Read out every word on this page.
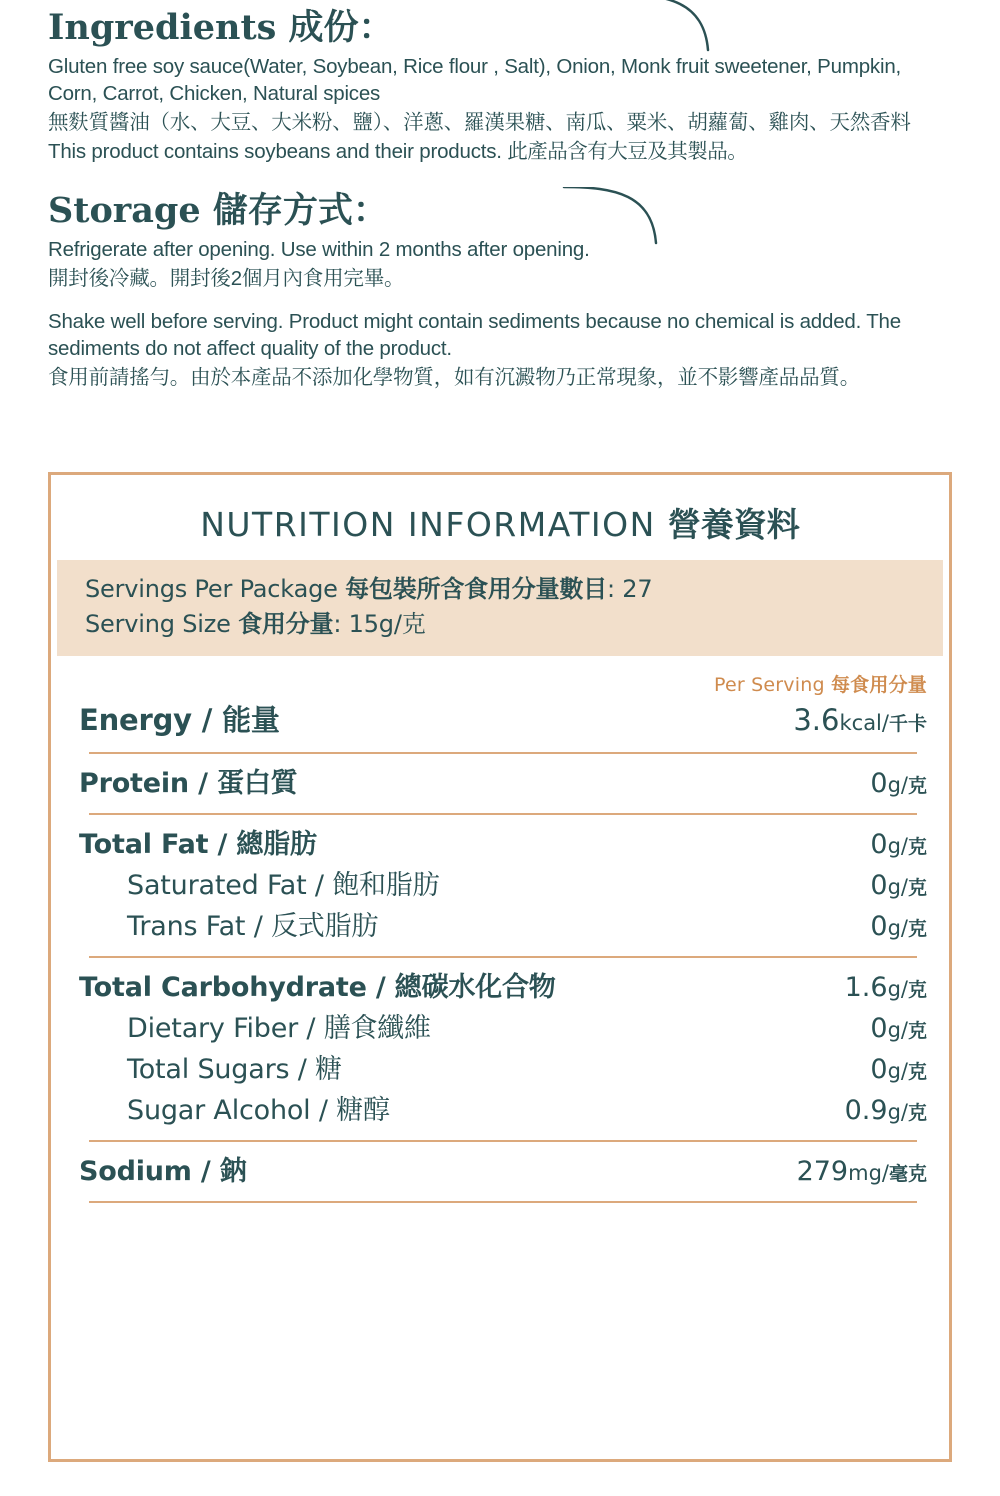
Ingredients 成份：

Gluten free soy sauce(Water, Soybean, Rice flour , Salt), Onion, Monk fruit sweetener, Pumpkin, Corn, Carrot, Chicken, Natural spices

無麩質醬油（水、大豆、大米粉、鹽）、洋蔥、羅漢果糖、南瓜、粟米、胡蘿蔔、雞肉、天然香料

This product contains soybeans and their products. 此產品含有大豆及其製品。

Storage 儲存方式：

Refrigerate after opening. Use within 2 months after opening.

開封後冷藏。開封後2個月內食用完畢。

Shake well before serving. Product might contain sediments because no chemical is added. The sediments do not affect quality of the product.

食用前請搖勻。由於本產品不添加化學物質，如有沉澱物乃正常現象，並不影響產品品質。

NUTRITION INFORMATION 營養資料
Servings Per Package 每包裝所含食用分量數目: 27
Serving Size 食用分量: 15g/克
Per Serving 每食用分量
Energy / 能量	3.6kcal/千卡
Protein / 蛋白質	0g/克
Total Fat / 總脂肪	0g/克
Saturated Fat / 飽和脂肪	0g/克
Trans Fat / 反式脂肪	0g/克
Total Carbohydrate / 總碳水化合物	1.6g/克
Dietary Fiber / 膳食纖維	0g/克
Total Sugars / 糖	0g/克
Sugar Alcohol / 糖醇	0.9g/克
Sodium / 鈉	279mg/毫克
